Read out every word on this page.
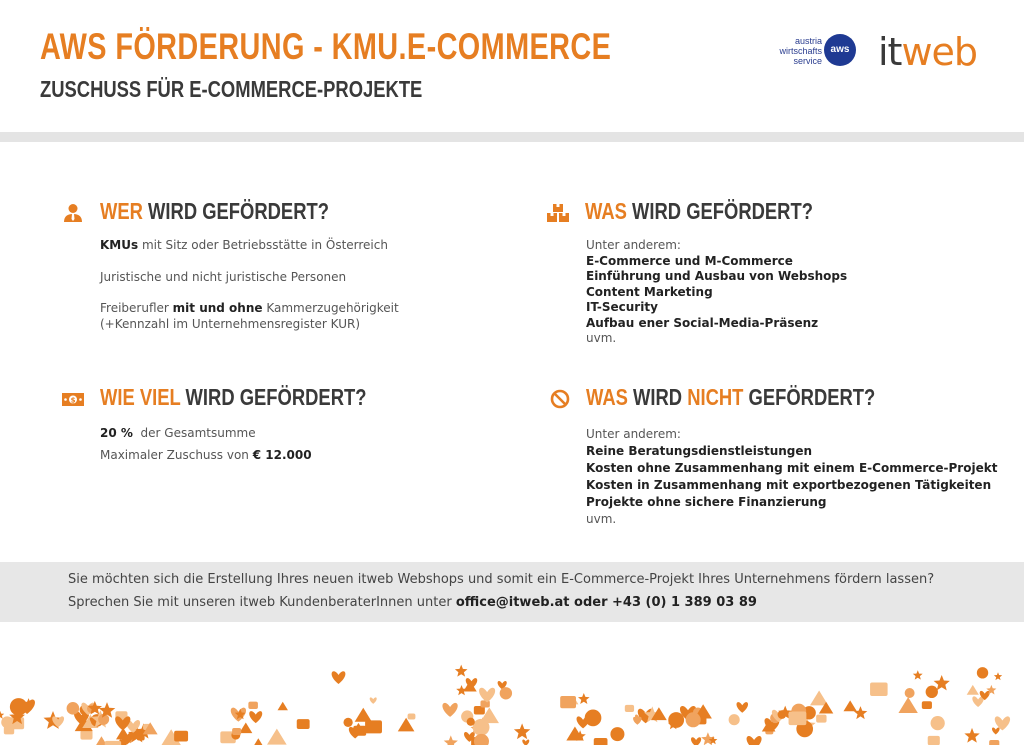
AWS FÖRDERUNG - KMU.E-COMMERCE
ZUSCHUSS FÜR E-COMMERCE-PROJEKTE
austria
wirtschafts
service
aws itweb
WER WIRD GEFÖRDERT?
KMUs mit Sitz oder Betriebsstätte in Österreich
Juristische und nicht juristische Personen
Freiberufler mit und ohne Kammerzugehörigkeit
(+Kennzahl im Unternehmensregister KUR)
WAS WIRD GEFÖRDERT?
Unter anderem:
E-Commerce und M-Commerce
Einführung und Ausbau von Webshops
Content Marketing
IT-Security
Aufbau ener Social-Media-Präsenz
uvm.
$ WIE VIEL WIRD GEFÖRDERT?
20 %  der Gesamtsumme
Maximaler Zuschuss von € 12.000
WAS WIRD NICHT GEFÖRDERT?
Unter anderem:
Reine Beratungsdienstleistungen
Kosten ohne Zusammenhang mit einem E-Commerce-Projekt
Kosten in Zusammenhang mit exportbezogenen Tätigkeiten
Projekte ohne sichere Finanzierung
uvm.
Sie möchten sich die Erstellung Ihres neuen itweb Webshops und somit ein E-Commerce-Projekt Ihres Unternehmens fördern lassen?
Sprechen Sie mit unseren itweb KundenberaterInnen unter office@itweb.at oder +43 (0) 1 389 03 89
